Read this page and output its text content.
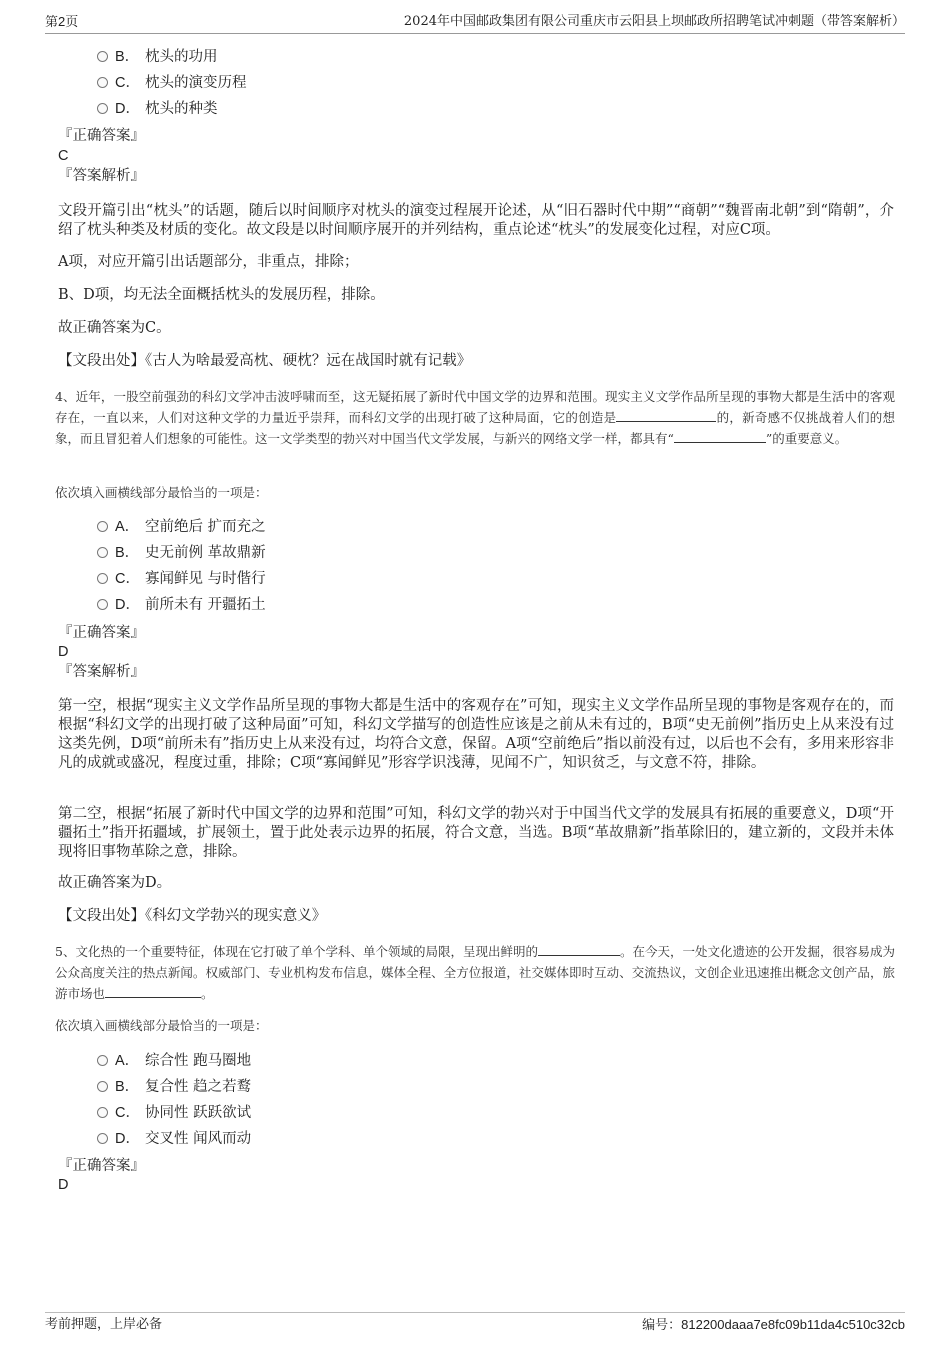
第2页	2024年中国邮政集团有限公司重庆市云阳县上坝邮政所招聘笔试冲刺题（带答案解析）
B． 枕头的功用
C． 枕头的演变历程
D． 枕头的种类
『正确答案』
C
『答案解析』
文段开篇引出“枕头”的话题，随后以时间顺序对枕头的演变过程展开论述，从“旧石器时代中期”“商朝”“魏晋南北朝”到“隋朝”，介绍了枕头种类及材质的变化。故文段是以时间顺序展开的并列结构，重点论述“枕头”的发展变化过程，对应C项。
A项，对应开篇引出话题部分，非重点，排除；
B、D项，均无法全面概括枕头的发展历程，排除。
故正确答案为C。
【文段出处】《古人为啥最爱高枕、硬枕？远在战国时就有记载》
4、近年，一股空前强劲的科幻文学冲击波呼啸而至，这无疑拓展了新时代中国文学的边界和范围。现实主义文学作品所呈现的事物大都是生活中的客观存在，一直以来，人们对这种文学的力量近乎崇拜，而科幻文学的出现打破了这种局面，它的创造是	的，新奇感不仅挑战着人们的想象，而且冒犯着人们想象的可能性。这一文学类型的勃兴对中国当代文学发展，与新兴的网络文学一样，都具有“	”的重要意义。
依次填入画横线部分最恰当的一项是：
A． 空前绝后 扩而充之
B． 史无前例 革故鼎新
C． 寡闻鲜见 与时偕行
D． 前所未有 开疆拓土
『正确答案』
D
『答案解析』
第一空，根据“现实主义文学作品所呈现的事物大都是生活中的客观存在”可知，现实主义文学作品所呈现的事物是客观存在的，而根据“科幻文学的出现打破了这种局面”可知，科幻文学描写的创造性应该是之前从未有过的，B项“史无前例”指历史上从来没有过这类先例，D项“前所未有”指历史上从来没有过，均符合文意，保留。A项“空前绝后”指以前没有过，以后也不会有，多用来形容非凡的成就或盛况，程度过重，排除；C项“寡闻鲜见”形容学识浅薄，见闻不广，知识贫乏，与文意不符，排除。
第二空，根据“拓展了新时代中国文学的边界和范围”可知，科幻文学的勃兴对于中国当代文学的发展具有拓展的重要意义，D项“开疆拓土”指开拓疆域，扩展领土，置于此处表示边界的拓展，符合文意，当选。B项“革故鼎新”指革除旧的，建立新的，文段并未体现将旧事物革除之意，排除。
故正确答案为D。
【文段出处】《科幻文学勃兴的现实意义》
5、文化热的一个重要特征，体现在它打破了单个学科、单个领域的局限，呈现出鲜明的	。在今天，一处文化遗迹的公开发掘，很容易成为公众高度关注的热点新闻。权威部门、专业机构发布信息，媒体全程、全方位报道，社交媒体即时互动、交流热议，文创企业迅速推出概念文创产品，旅游市场也	。
依次填入画横线部分最恰当的一项是：
A． 综合性 跑马圈地
B． 复合性 趋之若鹜
C． 协同性 跃跃欲试
D． 交叉性 闻风而动
『正确答案』
D
考前押题，上岸必备	编号：812200daaa7e8fc09b11da4c510c32cb
